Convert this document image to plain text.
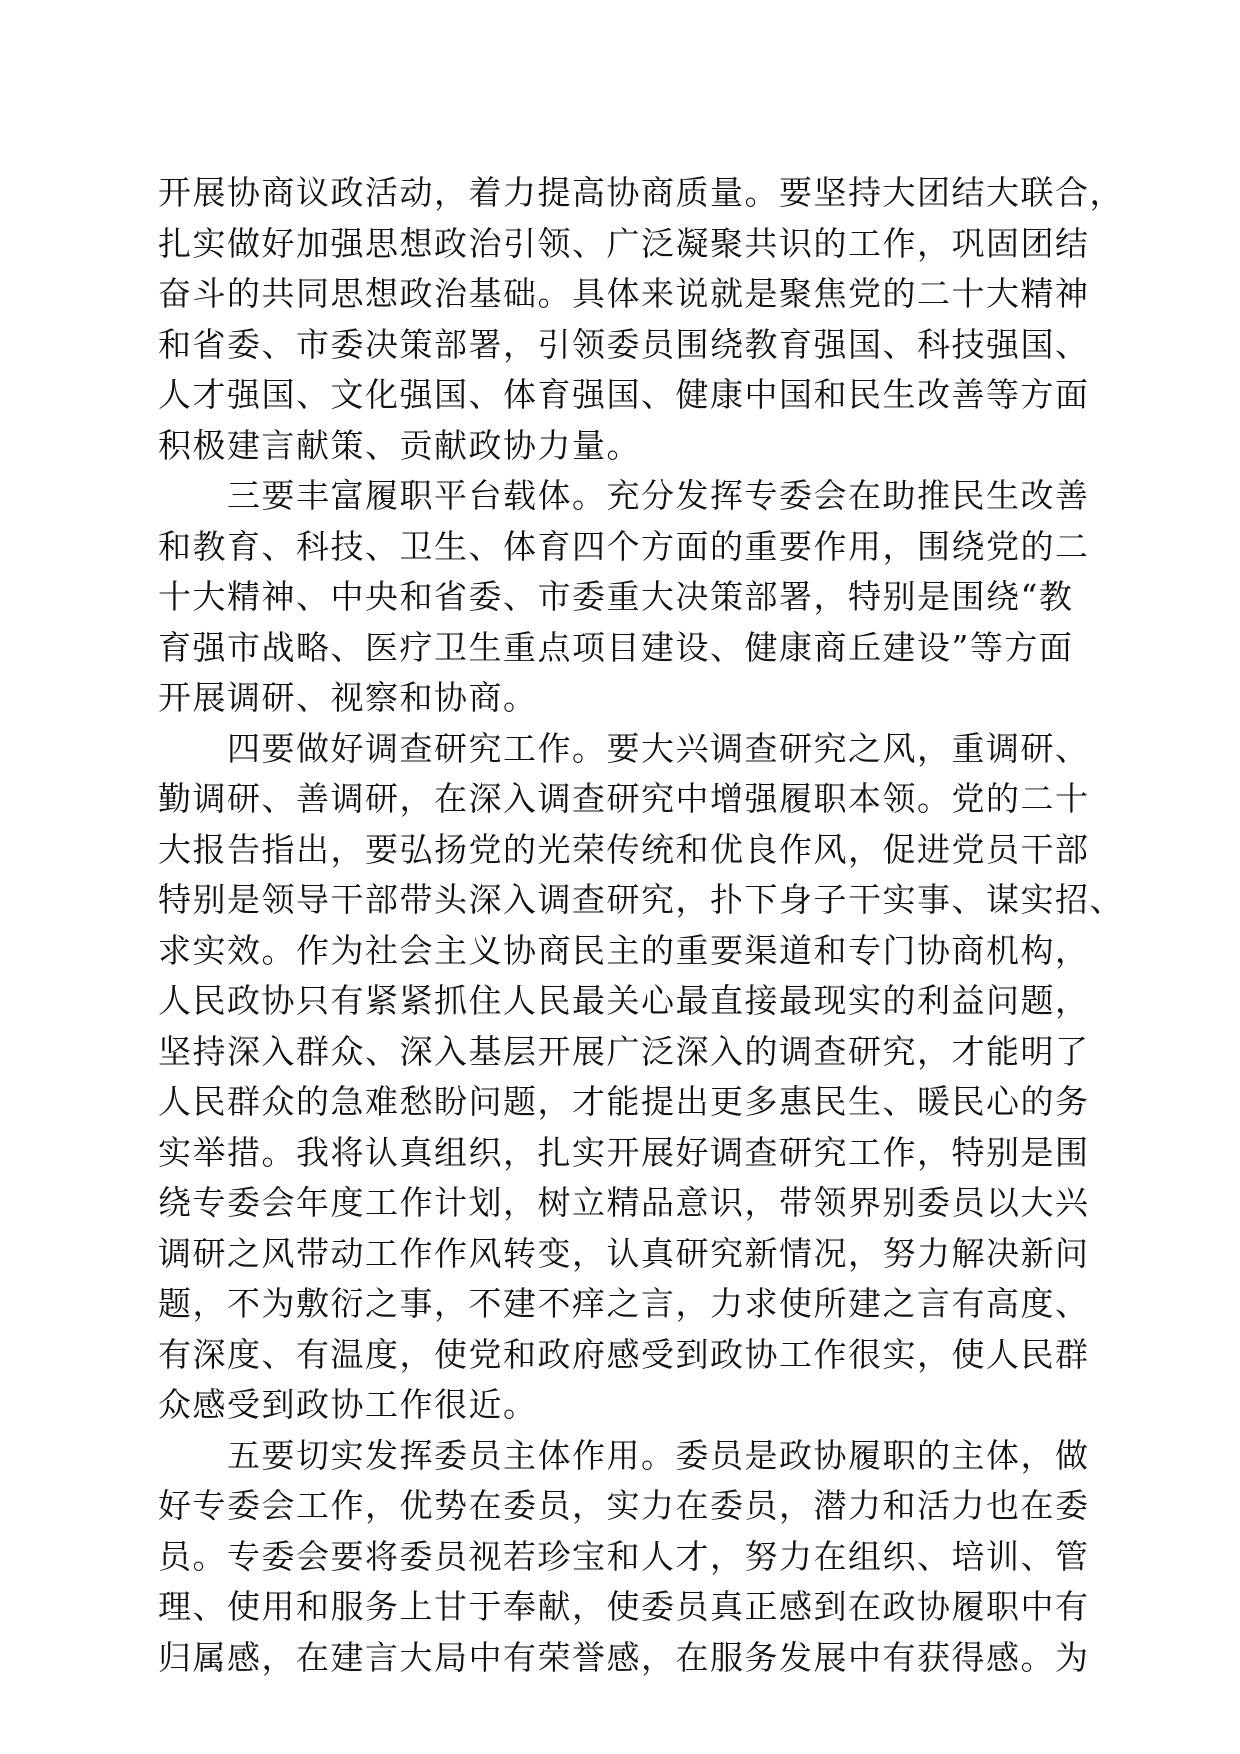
开展协商议政活动，着力提高协商质量。要坚持大团结大联合，
扎实做好加强思想政治引领、广泛凝聚共识的工作，巩固团结
奋斗的共同思想政治基础。具体来说就是聚焦党的二十大精神
和省委、市委决策部署，引领委员围绕教育强国、科技强国、
人才强国、文化强国、体育强国、健康中国和民生改善等方面
积极建言献策、贡献政协力量。
　　三要丰富履职平台载体。充分发挥专委会在助推民生改善
和教育、科技、卫生、体育四个方面的重要作用，围绕党的二
十大精神、中央和省委、市委重大决策部署，特别是围绕“教
育强市战略、医疗卫生重点项目建设、健康商丘建设”等方面
开展调研、视察和协商。
　　四要做好调查研究工作。要大兴调查研究之风，重调研、
勤调研、善调研，在深入调查研究中增强履职本领。党的二十
大报告指出，要弘扬党的光荣传统和优良作风，促进党员干部
特别是领导干部带头深入调查研究，扑下身子干实事、谋实招、
求实效。作为社会主义协商民主的重要渠道和专门协商机构，
人民政协只有紧紧抓住人民最关心最直接最现实的利益问题，
坚持深入群众、深入基层开展广泛深入的调查研究，才能明了
人民群众的急难愁盼问题，才能提出更多惠民生、暖民心的务
实举措。我将认真组织，扎实开展好调查研究工作，特别是围
绕专委会年度工作计划，树立精品意识，带领界别委员以大兴
调研之风带动工作作风转变，认真研究新情况，努力解决新问
题，不为敷衍之事，不建不痒之言，力求使所建之言有高度、
有深度、有温度，使党和政府感受到政协工作很实，使人民群
众感受到政协工作很近。
　　五要切实发挥委员主体作用。委员是政协履职的主体，做
好专委会工作，优势在委员，实力在委员，潜力和活力也在委
员。专委会要将委员视若珍宝和人才，努力在组织、培训、管
理、使用和服务上甘于奉献，使委员真正感到在政协履职中有
归属感，在建言大局中有荣誉感，在服务发展中有获得感。为
